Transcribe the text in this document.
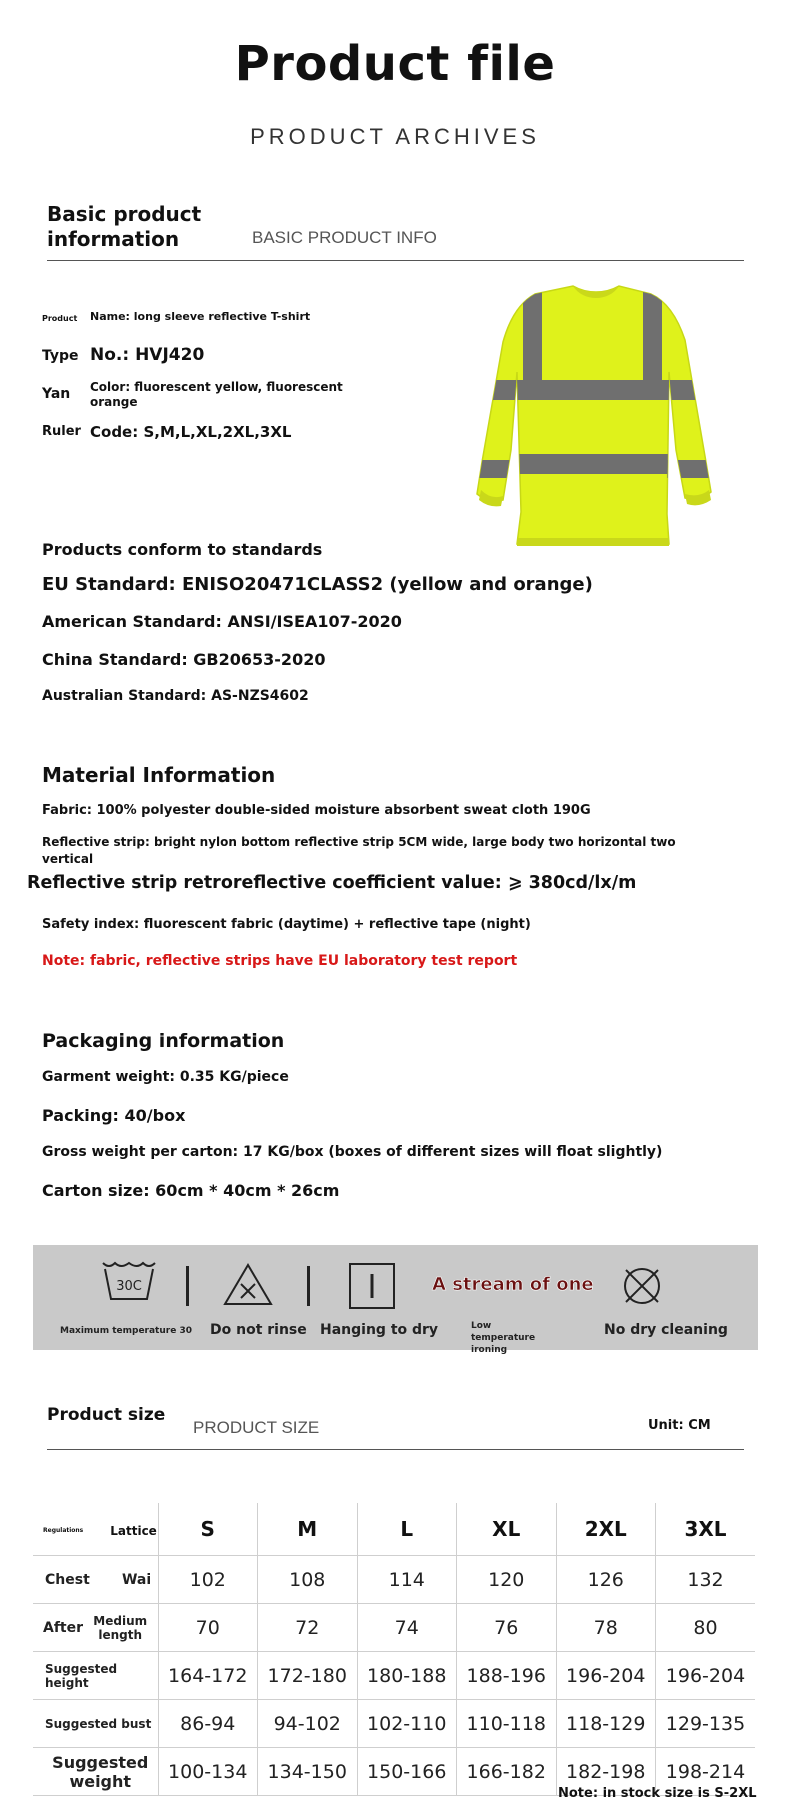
Product file
PRODUCT ARCHIVES
Basic product
information	BASIC PRODUCT INFO
Product Name: long sleeve reflective T-shirt
Type No.: HVJ420
Yan Color: fluorescent yellow, fluorescent orange
Ruler Code: S,M,L,XL,2XL,3XL
Products conform to standards
EU Standard: ENISO20471CLASS2 (yellow and orange)
American Standard: ANSI/ISEA107-2020
China Standard: GB20653-2020
Australian Standard: AS-NZS4602
Material Information
Fabric: 100% polyester double-sided moisture absorbent sweat cloth 190G
Reflective strip: bright nylon bottom reflective strip 5CM wide, large body two horizontal two vertical
Reflective strip retroreflective coefficient value: ⩾ 380cd/lx/m
Safety index: fluorescent fabric (daytime) + reflective tape (night)
Note: fabric, reflective strips have EU laboratory test report
Packaging information
Garment weight: 0.35 KG/piece
Packing: 40/box
Gross weight per carton: 17 KG/box (boxes of different sizes will float slightly)
Carton size: 60cm * 40cm * 26cm
30C
Maximum temperature 30 Do not rinse Hanging to dry
A stream of one
Low temperature ironing
No dry cleaning
Product size
PRODUCT SIZE	Unit: CM
Regulations Lattice	S	M	L	XL	2XL	3XL
Chest Wai	102	108	114	120	126	132
After Medium length	70	72	74	76	78	80
Suggested height	164-172	172-180	180-188	188-196	196-204	196-204
Suggested bust	86-94	94-102	102-110	110-118	118-129	129-135
Suggested weight	100-134	134-150	150-166	166-182	182-198	198-214
Note: in stock size is S-2XL
